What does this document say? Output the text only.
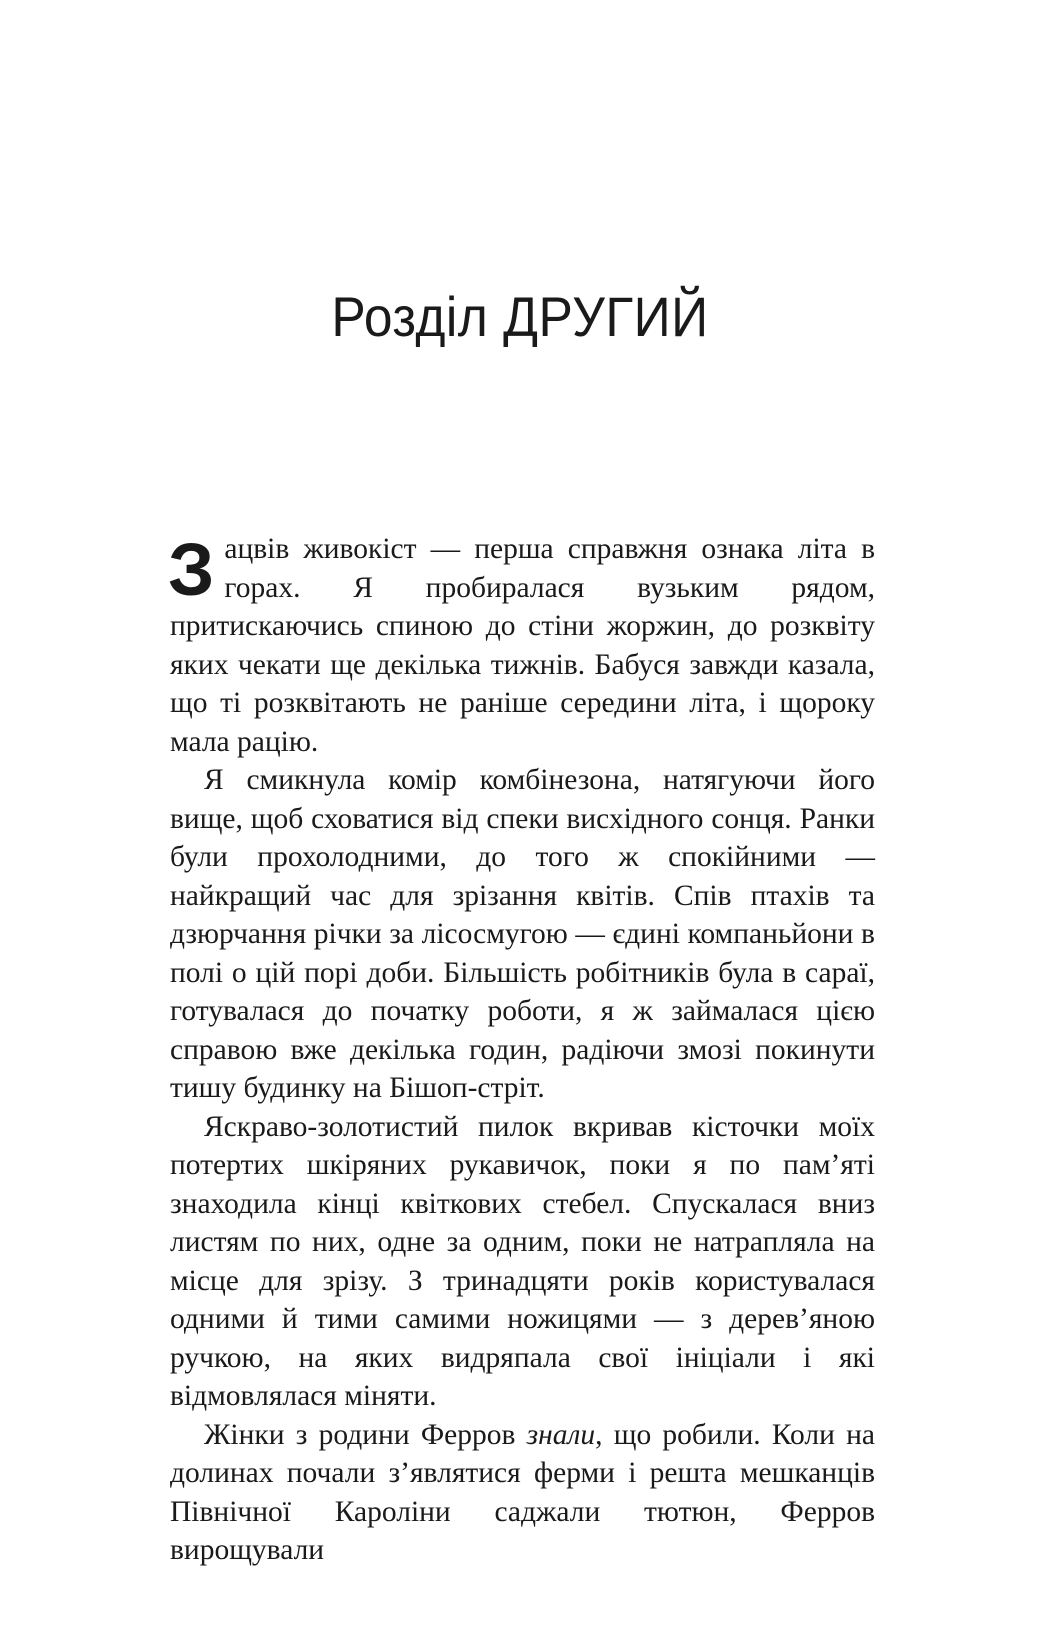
Розділ ДРУГИЙ

Зацвів живокіст — перша справжня ознака літа в горах. Я пробиралася вузьким рядом, притискаючись спиною до стіни жоржин, до розквіту яких чекати ще декілька тижнів. Бабуся завжди казала, що ті розквітають не раніше середини літа, і щороку мала рацію.

Я смикнула комір комбінезона, натягуючи його вище, щоб сховатися від спеки висхідного сонця. Ранки були прохолодними, до того ж спокійними — найкращий час для зрізання квітів. Спів птахів та дзюрчання річки за лісосмугою — єдині компаньйони в полі о цій порі доби. Більшість робітників була в сараї, готувалася до початку роботи, я ж займалася цією справою вже декілька годин, радіючи змозі покинути тишу будинку на Бішоп-стріт.

Яскраво-золотистий пилок вкривав кісточки моїх потертих шкіряних рукавичок, поки я по пам’яті знаходила кінці квіткових стебел. Спускалася вниз листям по них, одне за одним, поки не натрапляла на місце для зрізу. З тринадцяти років користувалася одними й тими самими ножицями — з дерев’яною ручкою, на яких видряпала свої ініціали і які відмовлялася міняти.

Жінки з родини Ферров знали, що робили. Коли на долинах почали з’являтися ферми і решта мешканців Північної Кароліни саджали тютюн, Ферров вирощували
